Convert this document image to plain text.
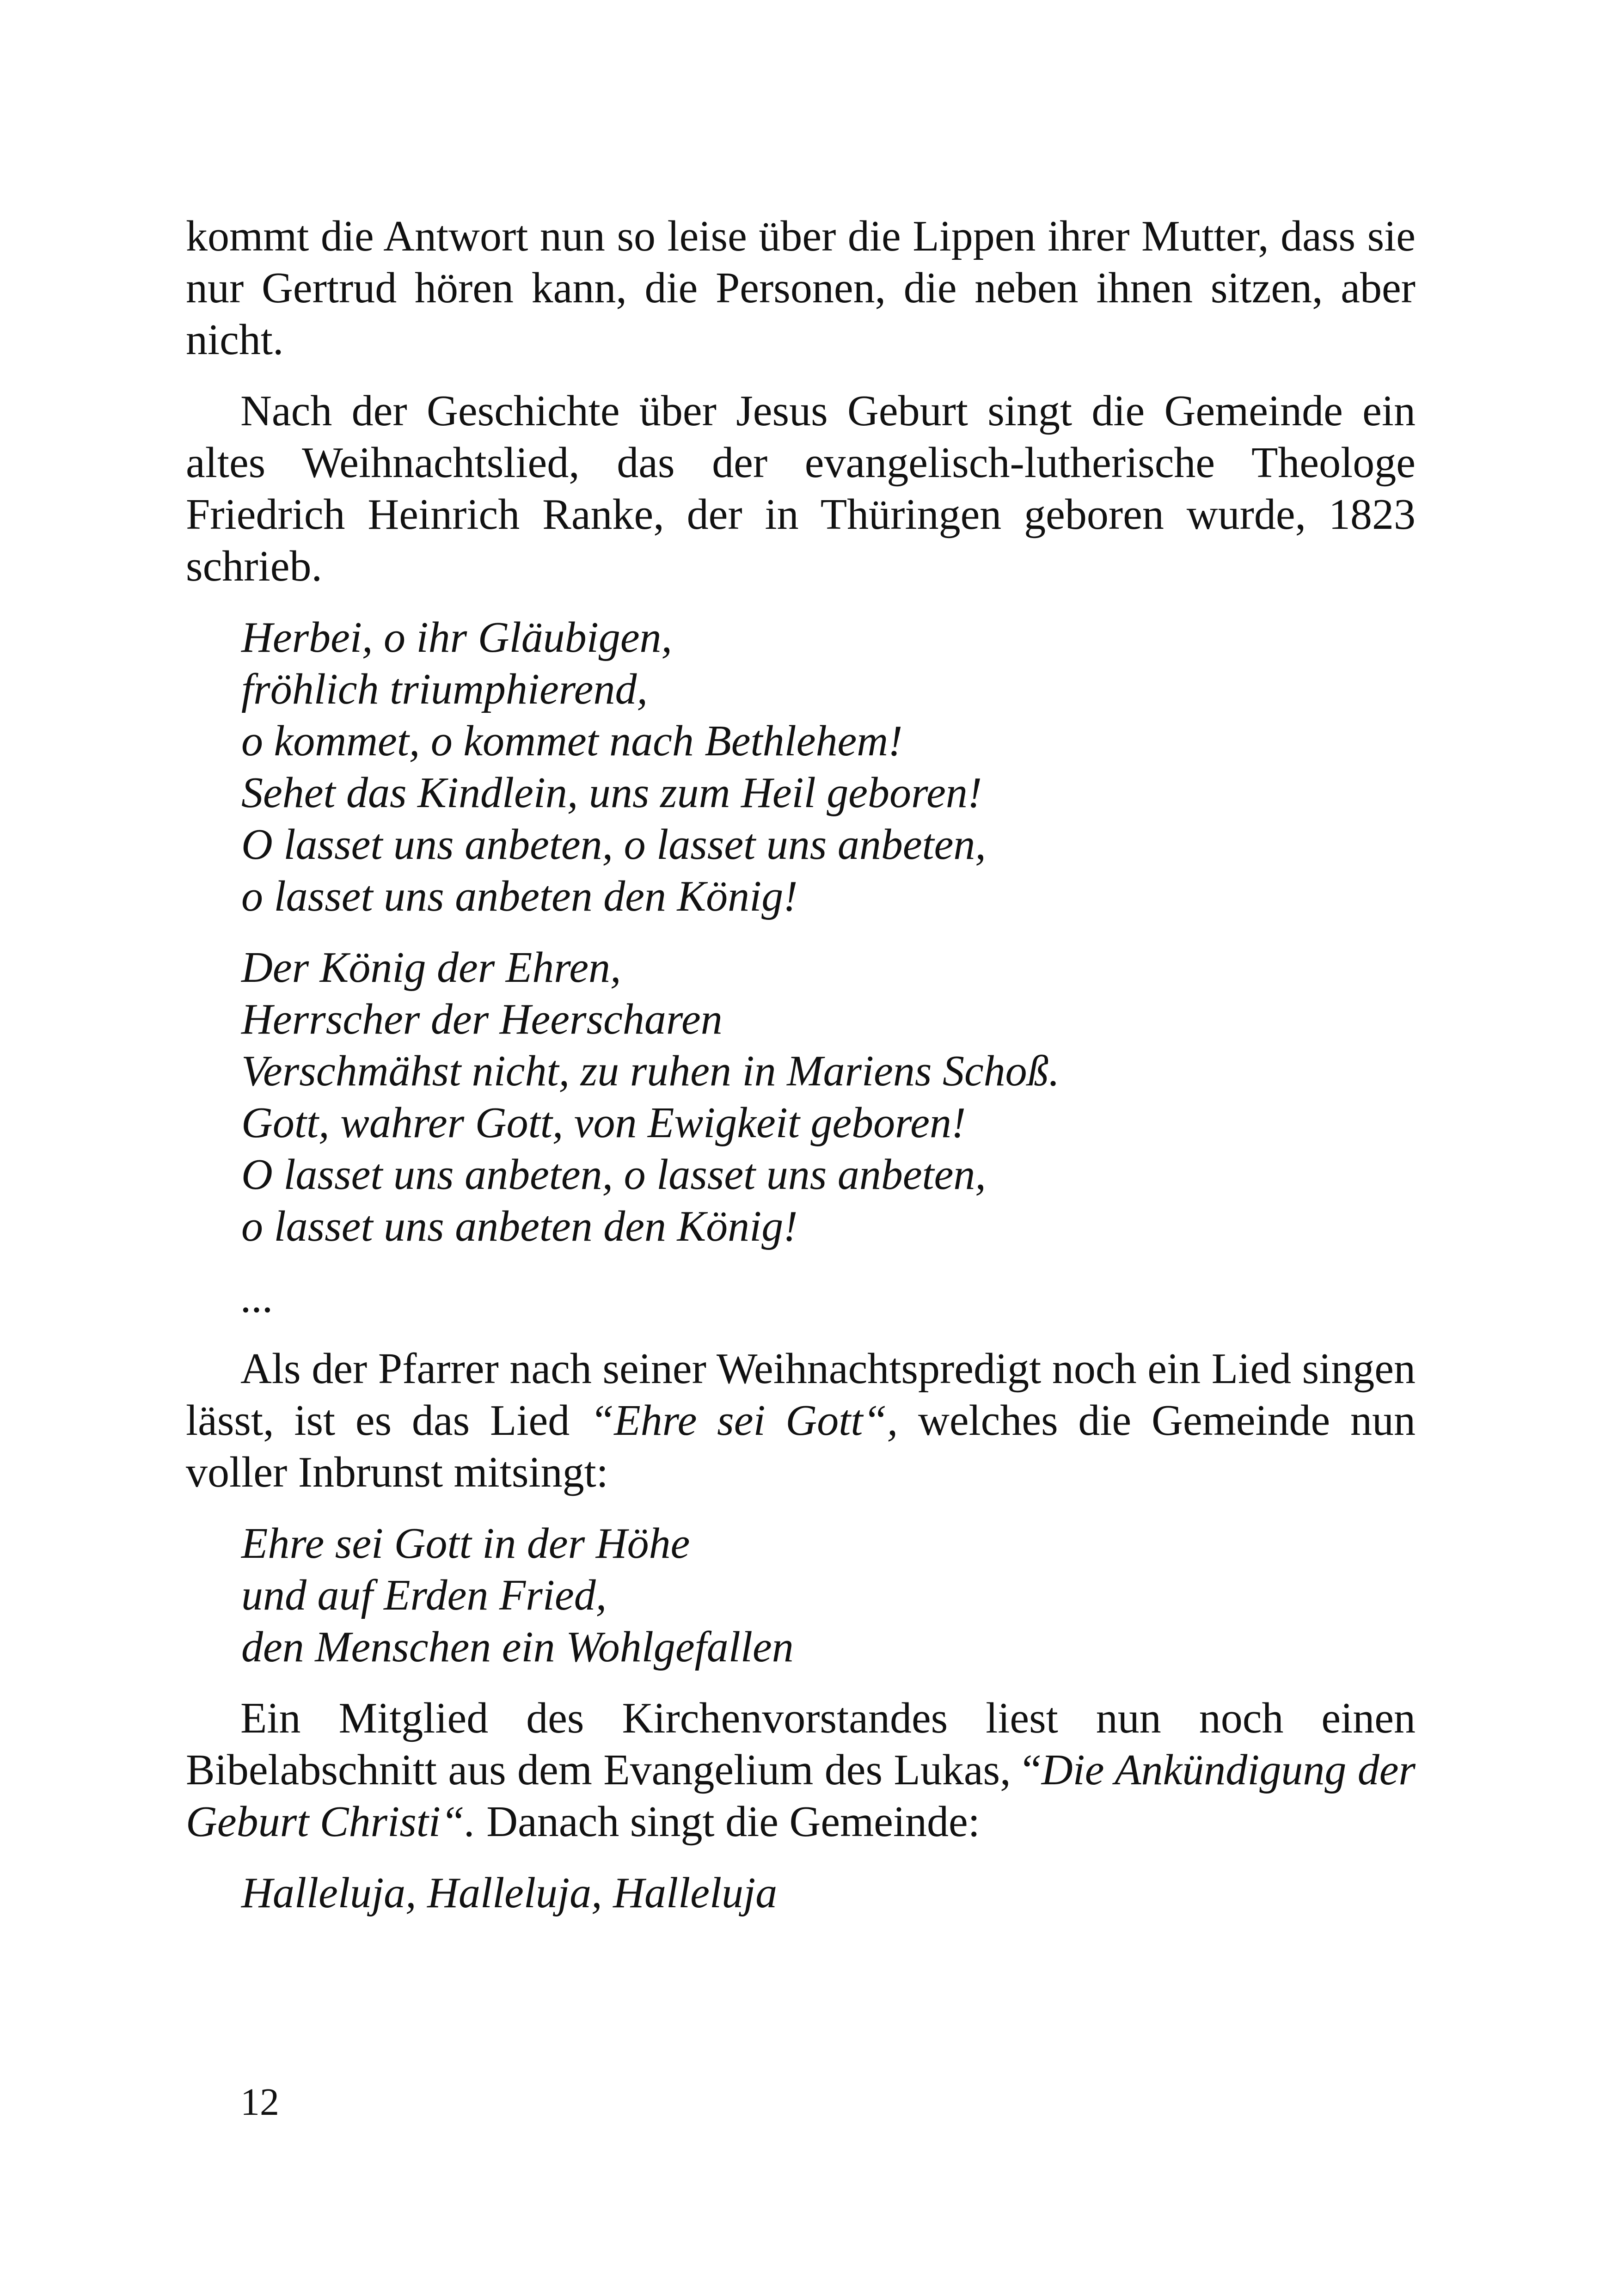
kommt die Antwort nun so leise über die Lippen ihrer Mutter, dass sie nur Gertrud hören kann, die Personen, die neben ihnen sitzen, aber nicht.

Nach der Geschichte über Jesus Geburt singt die Gemeinde ein altes Weihnachtslied, das der evangelisch-lutherische Theologe Friedrich Heinrich Ranke, der in Thüringen geboren wurde, 1823 schrieb.

Herbei, o ihr Gläubigen,
fröhlich triumphierend,
o kommet, o kommet nach Bethlehem!
Sehet das Kindlein, uns zum Heil geboren!
O lasset uns anbeten, o lasset uns anbeten,
o lasset uns anbeten den König!
Der König der Ehren,
Herrscher der Heerscharen
Verschmähst nicht, zu ruhen in Mariens Schoß.
Gott, wahrer Gott, von Ewigkeit geboren!
O lasset uns anbeten, o lasset uns anbeten,
o lasset uns anbeten den König!

...

Als der Pfarrer nach seiner Weihnachtspredigt noch ein Lied singen lässt, ist es das Lied “Ehre sei Gott“, welches die Gemeinde nun voller Inbrunst mitsingt:

Ehre sei Gott in der Höhe
und auf Erden Fried,
den Menschen ein Wohlgefallen

Ein Mitglied des Kirchenvorstandes liest nun noch einen Bibelabschnitt aus dem Evangelium des Lukas, “Die Ankündigung der Geburt Christi“. Danach singt die Gemeinde:

Halleluja, Halleluja, Halleluja
12
